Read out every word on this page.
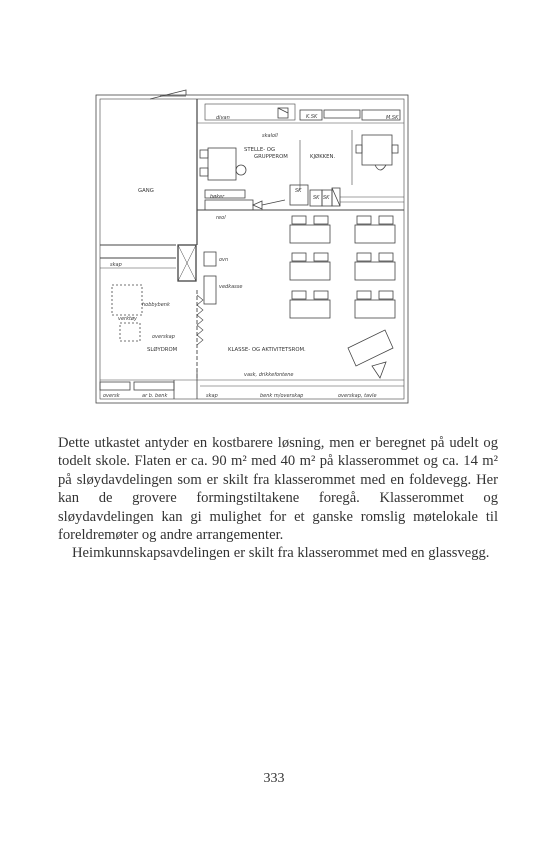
divan	K.SK	M.SK
skaloll
STELLE- OG
GRUPPEROM	KJØKKEN.
GANG
bøker
SK
SK SK
reol
skap
ovn
vedkasse
hobbybenk
verktøy
overskap
SLØYDROM	KLASSE- OG AKTIVITETSROM.
vask, drikkefontene
oversk	ar b. benk	skap	benk m/overskap	overskap, tavle

Dette utkastet antyder en kostbarere løsning, men er beregnet på udelt og todelt skole. Flaten er ca. 90 m² med 40 m² på klasserommet og ca. 14 m² på sløydavdelingen som er skilt fra klasserommet med en foldevegg. Her kan de grovere formingstiltakene foregå. Klasserommet og sløydavdelingen kan gi mulighet for et ganske romslig møtelokale til foreldremøter og andre arrangementer.

Heimkunnskapsavdelingen er skilt fra klasserommet med en glassvegg.

333
